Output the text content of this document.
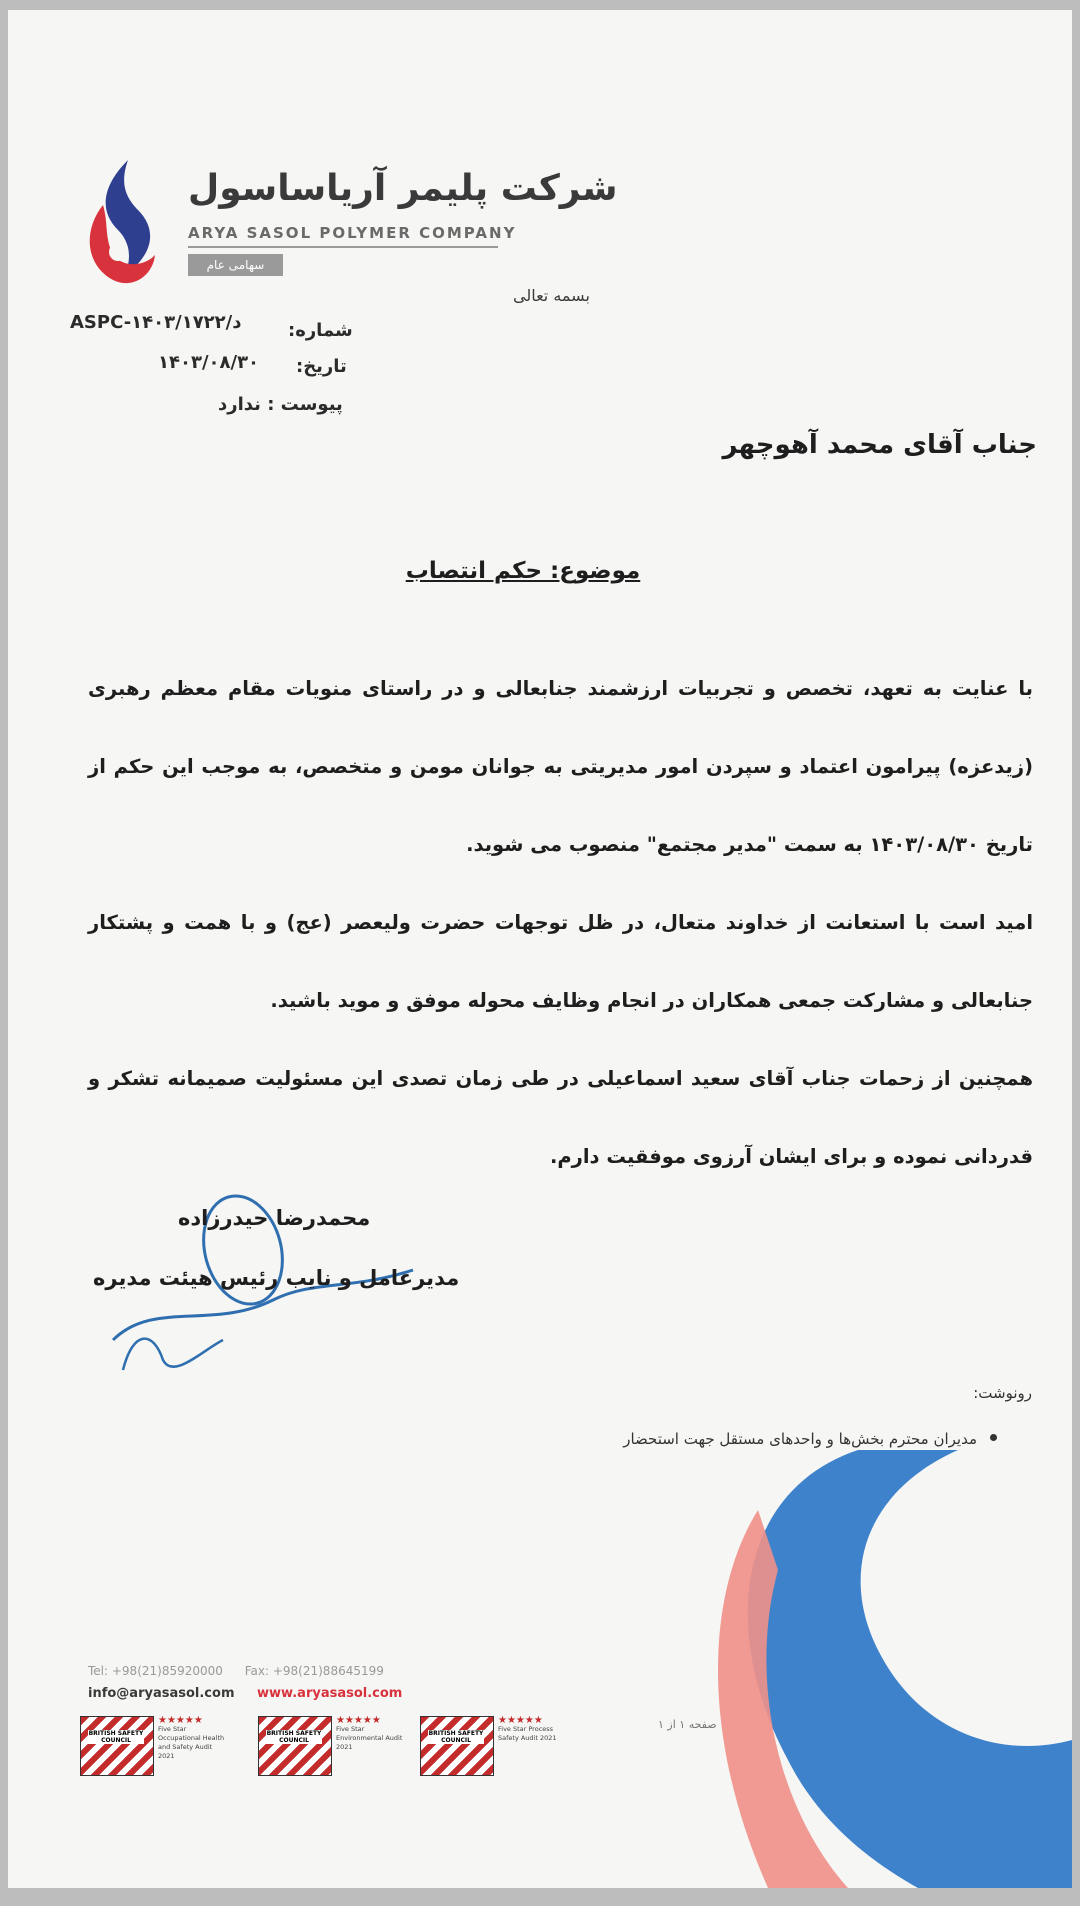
شرکت پلیمر آریاساسول
ARYA SASOL POLYMER COMPANY
سهامی عام
بسمه تعالی
شماره:
ASPC-۱۴۰۳/د/۱۷۲۲
تاریخ:
۱۴۰۳/۰۸/۳۰
پیوست : ندارد
جناب آقای محمد آهوچهر
موضوع: حکم انتصاب
با عنایت به تعهد، تخصص و تجربیات ارزشمند جنابعالی و در راستای منویات مقام معظم رهبری (زیدعزه) پیرامون اعتماد و سپردن امور مدیریتی به جوانان مومن و متخصص، به موجب این حکم از تاریخ ۱۴۰۳/۰۸/۳۰ به سمت "مدیر مجتمع" منصوب می شوید.
امید است با استعانت از خداوند متعال، در ظل توجهات حضرت ولیعصر (عج) و با همت و پشتکار جنابعالی و مشارکت جمعی همکاران در انجام وظایف محوله موفق و موید باشید.
همچنین از زحمات جناب آقای سعید اسماعیلی در طی زمان تصدی این مسئولیت صمیمانه تشکر و قدردانی نموده و برای ایشان آرزوی موفقیت دارم.
محمدرضا حیدرزاده
مدیرعامل و نایب رئیس هیئت مدیره
رونوشت:
مدیران محترم بخش‌ها و واحدهای مستقل جهت استحضار
Tel: +98(21)85920000 Fax: +98(21)88645199
info@aryasasol.com www.aryasasol.com
BRITISH SAFETY COUNCIL
★★★★★
Five Star Occupational Health and Safety Audit 2021
BRITISH SAFETY COUNCIL
★★★★★
Five Star Environmental Audit 2021
BRITISH SAFETY COUNCIL
★★★★★
Five Star Process Safety Audit 2021
صفحه ۱ از ۱
